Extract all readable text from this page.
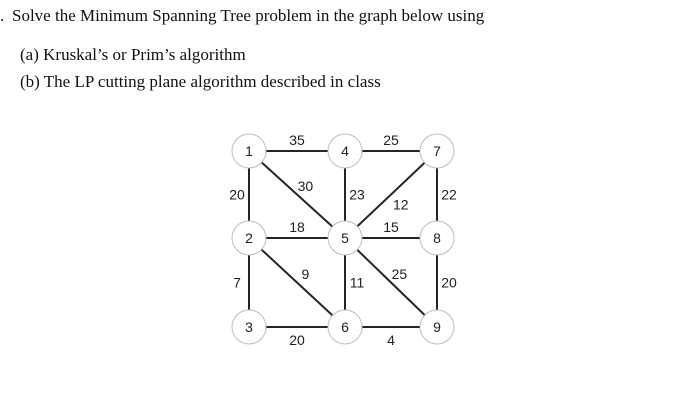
. Solve the Minimum Spanning Tree problem in the graph below using
(a) Kruskal’s or Prim’s algorithm
(b) The LP cutting plane algorithm described in class
35	25
20
30
23
12
22
18	15
7
9
11
25
20
20	4
1	4	7
2	5	8
3	6	9
